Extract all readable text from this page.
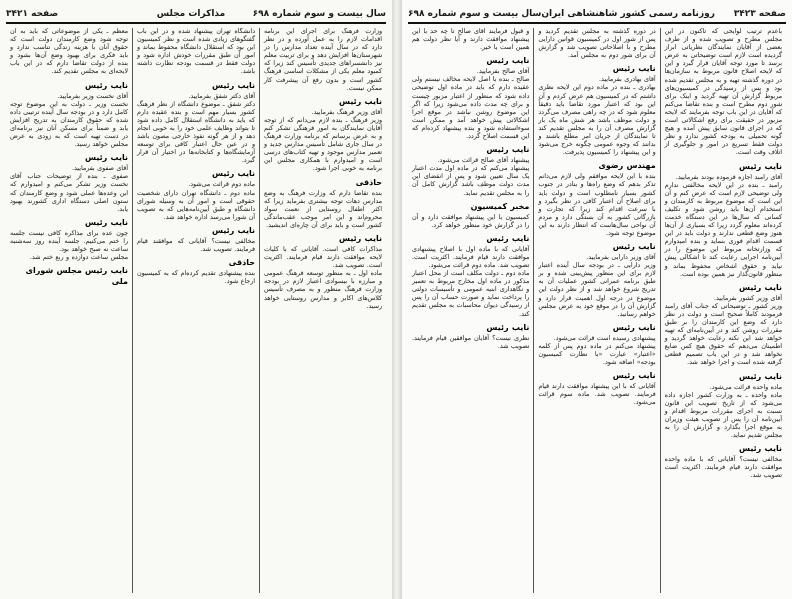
سال بیست و سوم شماره ۶۹۸
مذاکرات مجلس
صفحه ۳۴۲۱

وزارت فرهنگ برای اجرای این برنامه اقدامات لازم را به عمل آورده و در نظر دارد که در سال آینده تعداد مدارس را در شهرستان‌ها افزایش دهد و برای تربیت معلم نیز دانشسراهای جدیدی تأسیس کند زیرا که کمبود معلم یکی از مشکلات اساسی فرهنگ کشور است و بدون رفع آن پیشرفت کار ممکن نیست.

نایب رئیس

آقای وزیر فرهنگ بفرمایید.

وزیر فرهنگ ـ بنده لازم می‌دانم که از توجه آقایان نمایندگان به امور فرهنگی تشکر کنم و به عرض برسانم که برنامه وزارت فرهنگ در سال جاری شامل تأسیس مدارس جدید و تعمیر مدارس موجود و تهیه کتاب‌های درسی است و امیدوارم با همکاری مجلس این برنامه به خوبی اجرا شود.

حاذقی

بنده تقاضا دارم که وزارت فرهنگ به وضع مدارس دهات توجه بیشتری بفرماید زیرا که اکثر اطفال روستایی از نعمت سواد محروم‌اند و این امر موجب عقب‌ماندگی کشور است و باید برای آن چاره‌ای اندیشید.

نایب رئیس

مذاکرات کافی است. آقایانی که با کلیات لایحه موافقت دارند قیام فرمایند. اکثریت است. تصویب شد.

ماده اول ـ به منظور توسعه فرهنگ عمومی و مبارزه با بیسوادی اعتبار لازم در بودجه وزارت فرهنگ منظور و به مصرف تأسیس کلاس‌های اکابر و مدارس روستایی خواهد رسید.

دانشگاه تهران پیشنهاد شده و در این باب گفتگوهای زیادی شده است و نظر کمیسیون این بود که استقلال دانشگاه محفوظ بماند و امور آن طبق مقررات خودش اداره شود و دولت فقط در قسمت بودجه نظارت داشته باشد.

نایب رئیس

آقای دکتر شفق بفرمایید.

دکتر شفق ـ موضوع دانشگاه از نظر فرهنگ کشور بسیار مهم است و بنده عقیده دارم که باید به دانشگاه استقلال کامل داده شود تا بتواند وظایف علمی خود را به خوبی انجام دهد و از هر گونه نفوذ خارجی مصون باشد و در عین حال اعتبار کافی برای توسعه آزمایشگاه‌ها و کتابخانه‌ها در اختیار آن قرار گیرد.

نایب رئیس

ماده دوم قرائت می‌شود.

ماده دوم ـ دانشگاه تهران دارای شخصیت حقوقی است و امور آن به وسیله شورای دانشگاه و طبق آیین‌نامه‌هایی که به تصویب آن شورا می‌رسد اداره خواهد شد.

نایب رئیس

مخالفی نیست؟ آقایانی که موافقند قیام فرمایند. تصویب شد.

حاذقی

بنده پیشنهادی تقدیم کرده‌ام که به کمیسیون ارجاع شود.

معظم ـ یکی از موضوعاتی که باید به آن توجه شود وضع کارمندان دولت است که حقوق آنان با هزینه زندگی تناسب ندارد و باید فکری برای بهبود وضع آن‌ها بشود و بنده از دولت تقاضا دارم که در این باب لایحه‌ای به مجلس تقدیم کند.

نایب رئیس

آقای نخست وزیر بفرمایید.

نخست وزیر ـ دولت به این موضوع توجه کامل دارد و در بودجه سال آینده ترتیبی داده شده که حقوق کارمندان به تدریج افزایش یابد و ضمناً برای مسکن آنان نیز برنامه‌ای در دست تهیه است که به زودی به عرض مجلس خواهد رسید.

نایب رئیس

آقای صفوی بفرمایید.

صفوی ـ بنده از توضیحات جناب آقای نخست وزیر تشکر می‌کنم و امیدوارم که این وعده‌ها عملی شود و وضع کارمندان که ستون اصلی دستگاه اداری کشورند بهبود یابد.

نایب رئیس

چون عده برای مذاکره کافی نیست جلسه را ختم می‌کنیم. جلسه آینده روز سه‌شنبه ساعت نه صبح خواهد بود.

مجلس ساعت دوازده و ربع ختم شد.

نایب رئیس مجلس شورای ملی
صفحه ۳۴۲۳
روزنامه رسمی کشور شاهنشاهی ایران
سال بیست و سوم شماره ۶۹۸

باعدم ترتیب لوایحی که تاکنون در این مجلس مطرح و تصویب شده و از طرف بعضی از آقایان نمایندگان نظریاتی ابراز گردیده است لازم است توضیحاتی به عرض برسد تا مورد توجه آقایان قرار گیرد و این که لایحه اصلاح قانون مربوط به سازمان‌ها در دوره گذشته تهیه و به مجلس تقدیم شده بود و پس از رسیدگی در کمیسیون‌های مربوط گزارش آن تهیه گردید و اینک برای شور دوم مطرح است و بنده تقاضا می‌کنم که آقایان در این باب توجه بفرمایند که لایحه مزبور در حقیقت برای رفع اشکالاتی است که در اجرای قانون سابق پیش آمده و هیچ گونه تحمیلی به بودجه کشور ندارد و نظر دولت فقط تسریع در امور و جلوگیری از اتلاف وقت است.

نایب رئیس

آقای رامبد اجازه فرموده بودند بفرمایید.

رامبد ـ بنده در این لایحه مخالفتی ندارم ولی توضیحی لازم است که عرض کنم و آن این است که موضوع مربوط به کارمندان و استخدام آن‌ها باید روشن شود و تکلیف کسانی که سال‌ها در این دستگاه خدمت کرده‌اند معلوم گردد زیرا که بسیاری از آن‌ها هنوز وضع قطعی ندارند و دولت باید در این قسمت اقدام فوری بنماید و بنده امیدوارم که وزارتخانه مربوط این موضوع را در آیین‌نامه اجرایی رعایت کند تا اشکالی پیش نیاید و حقوق اشخاص محفوظ بماند و منظور قانون‌گذار نیز همین بوده است.

نایب رئیس

آقای وزیر کشور بفرمایید.

وزیر کشور ـ توضیحاتی که جناب آقای رامبد فرمودند کاملاً صحیح است و دولت در نظر دارد که وضع این کارمندان را بر طبق مقررات روشن کند و در آیین‌نامه‌ای که تهیه خواهد شد این نکته رعایت خواهد گردید و اطمینان می‌دهم که حقوق هیچ کس ضایع نخواهد شد و در این باب تصمیم قطعی گرفته شده است و اجرا خواهد شد.

نایب رئیس

ماده واحده قرائت می‌شود.

ماده واحده ـ به وزارت کشور اجازه داده می‌شود که از تاریخ تصویب این قانون نسبت به اجرای مقررات مربوط اقدام و آیین‌نامه آن را پس از تصویب هیئت وزیران به موقع اجرا بگذارد و گزارش آن را به مجلس تقدیم نماید.

نایب رئیس

مخالفی نیست؟ آقایانی که با ماده واحده موافقت دارند قیام فرمایند. اکثریت است تصویب شد.

در دوره گذشته به مجلس تقدیم گردید و پس از شور اول در کمیسیون قوانین دارایی مطرح و با اصلاحاتی تصویب شد و گزارش آن برای شور دوم به مجلس آمد.

نایب رئیس

آقای بهادری بفرمایید.

بهادری ـ بنده در ماده دوم این لایحه نظری داشتم که در کمیسیون هم عرض کردم و آن این بود که اعتبار مورد تقاضا باید دقیقاً معلوم شود که در چه راهی مصرف می‌گردد و دولت موظف باشد هر شش ماه یک بار گزارش مصرف آن را به مجلس تقدیم کند تا نمایندگان از جریان امر مطلع باشند و بدانند که وجوه عمومی چگونه خرج می‌شود و این پیشنهاد را کمیسیون پذیرفت.

مهندس رضوی

بنده با این لایحه موافقم ولی لازم می‌دانم تذکر بدهم که وضع راه‌ها و بنادر در جنوب کشور بسیار نامطلوب است و دولت باید برای اصلاح آن اعتبار کافی در نظر بگیرد و با سرعت اقدام کند زیرا که تجارت و بازرگانی کشور به آن بستگی دارد و مردم آن نواحی سال‌هاست که انتظار دارند به این موضوع توجه شود.

نایب رئیس

آقای وزیر دارایی بفرمایید.

وزیر دارایی ـ در بودجه سال آینده اعتبار لازم برای این منظور پیش‌بینی شده و بر طبق برنامه عمرانی کشور عملیات آن به تدریج شروع خواهد شد و از نظر دولت این موضوع در درجه اول اهمیت قرار دارد و گزارش آن را در موقع خود به عرض مجلس خواهم رسانید.

نایب رئیس

پیشنهادی رسیده است قرائت می‌شود.

پیشنهاد می‌کنم در ماده دوم پس از کلمه «اعتبار» عبارت «با نظارت کمیسیون بودجه» اضافه شود.

نایب رئیس

آقایانی که با این پیشنهاد موافقت دارند قیام فرمایند. تصویب شد. ماده سوم قرائت می‌شود.

و قبول فرمایند آقای صالح تا چه حد با این پیشنهاد موافقت دارند و آیا نظر دولت هم همین است یا خیر.

نایب رئیس

آقای صالح بفرمایید.

صالح ـ بنده با اصل لایحه مخالف نیستم ولی عقیده دارم که باید در ماده اول توضیحی داده شود که منظور از اعتبار مزبور چیست و برای چه مدت داده می‌شود زیرا که اگر این موضوع روشن نباشد در موقع اجرا اشکالاتی پیش خواهد آمد و ممکن است سوءاستفاده شود و بنده پیشنهاد کرده‌ام که این قسمت اصلاح گردد.

نایب رئیس

پیشنهاد آقای صالح قرائت می‌شود.

پیشنهاد می‌کنم که در ماده اول مدت اعتبار یک سال تعیین شود و پس از انقضای این مدت دولت موظف باشد گزارش کامل آن را به مجلس تقدیم نماید.

مخبر کمیسیون

کمیسیون با این پیشنهاد موافقت دارد و آن را در گزارش خود منظور خواهد کرد.

نایب رئیس

آقایانی که با ماده اول با اصلاح پیشنهادی موافقت دارند قیام فرمایند. اکثریت است. تصویب شد. ماده دوم قرائت می‌شود.

ماده دوم ـ دولت مکلف است از محل اعتبار مذکور در ماده اول مخارج مربوط به تعمیر و نگاهداری ابنیه عمومی و تأسیسات دولتی را پرداخت نماید و صورت حساب آن را پس از رسیدگی دیوان محاسبات به مجلس تقدیم کند.

نایب رئیس

نظری نیست؟ آقایان موافقین قیام فرمایند. تصویب شد.
